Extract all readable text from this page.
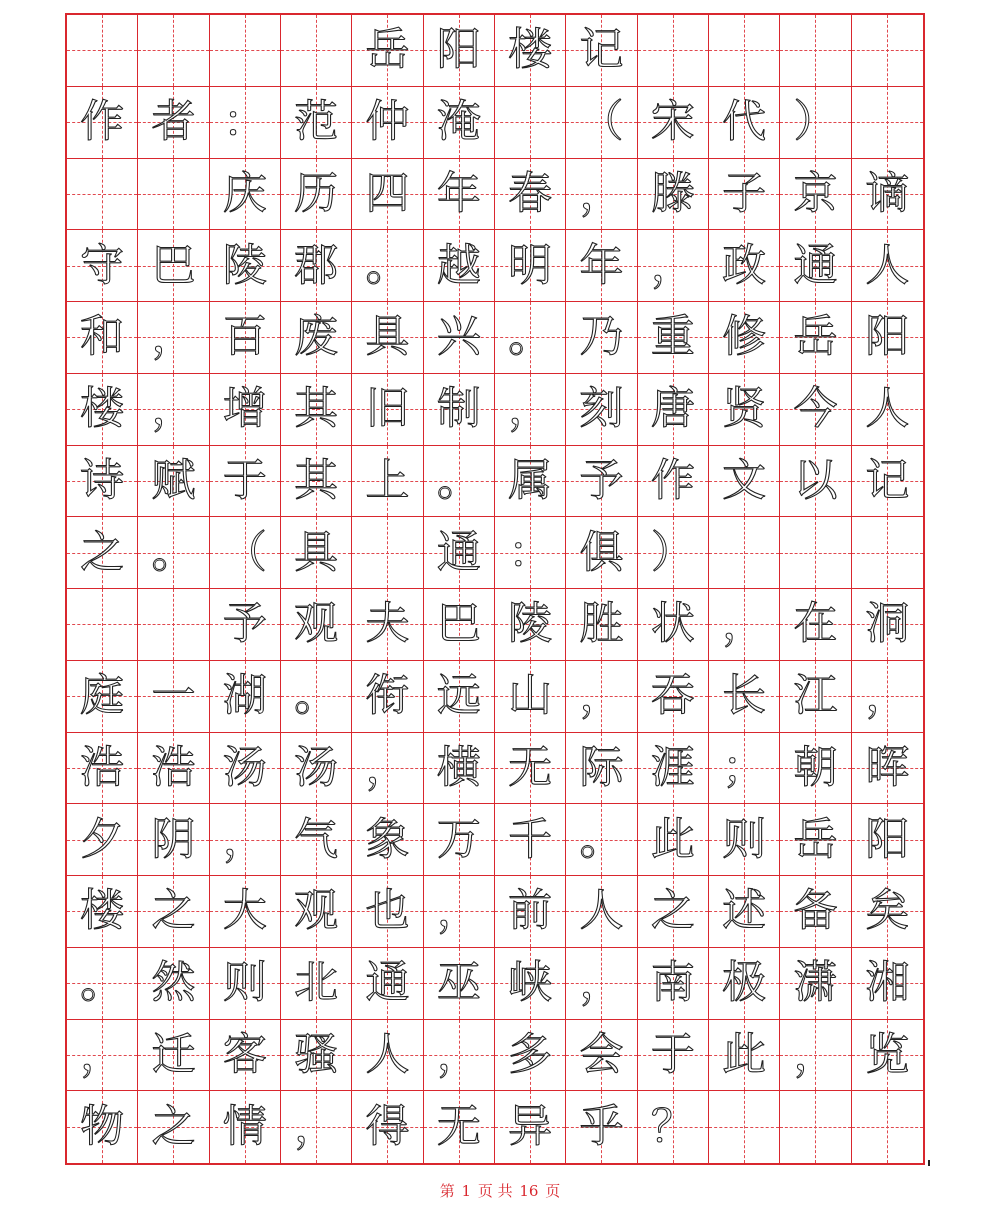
岳 阳 楼 记
作 者 ： 范 仲 淹 （ 宋 代 ）
庆 历 四 年 春 ， 滕 子 京 谪
守 巴 陵 郡 。 越 明 年 ， 政 通 人
和 ， 百 废 具 兴 。 乃 重 修 岳 阳
楼 ， 增 其 旧 制 ， 刻 唐 贤 今 人
诗 赋 于 其 上 。 属 予 作 文 以 记
之 。 （ 具 通 ： 俱 ）
予 观 夫 巴 陵 胜 状 ， 在 洞
庭 一 湖 。 衔 远 山 ， 吞 长 江 ，
浩 浩 汤 汤 ， 横 无 际 涯 ； 朝 晖
夕 阴 ， 气 象 万 千 。 此 则 岳 阳
楼 之 大 观 也 ， 前 人 之 述 备 矣
。 然 则 北 通 巫 峡 ， 南 极 潇 湘
， 迁 客 骚 人 ， 多 会 于 此 ， 览
物 之 情 ， 得 无 异 乎 ？
第 1 页 共 16 页
